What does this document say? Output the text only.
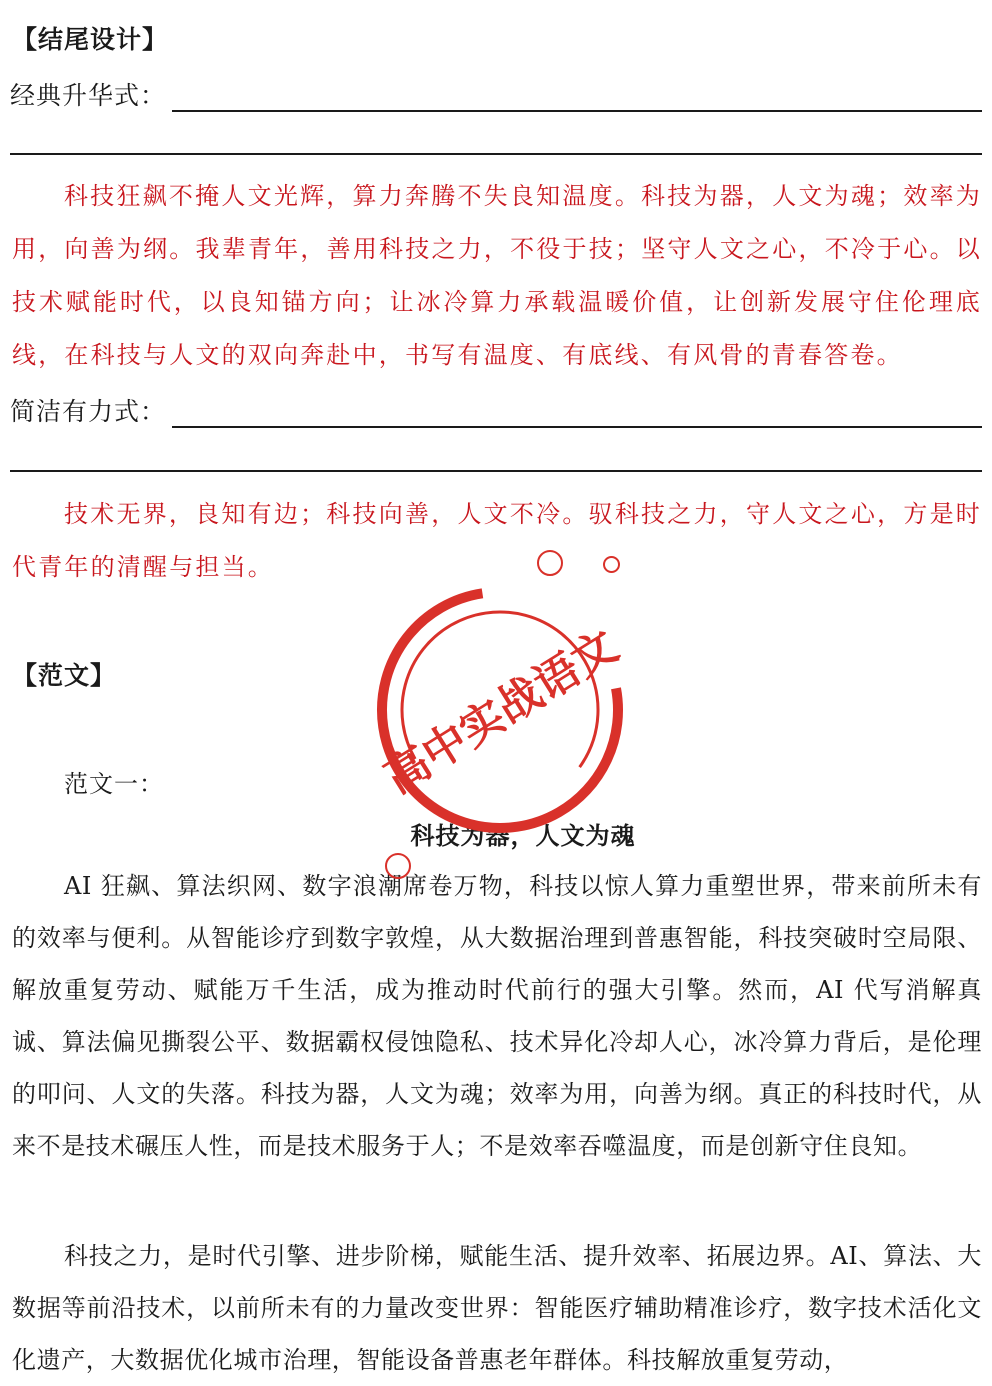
【结尾设计】
经典升华式：
科技狂飙不掩人文光辉，算力奔腾不失良知温度。科技为器，人文为魂；效率为用，向善为纲。我辈青年，善用科技之力，不役于技；坚守人文之心，不冷于心。以技术赋能时代，以良知锚方向；让冰冷算力承载温暖价值，让创新发展守住伦理底线，在科技与人文的双向奔赴中，书写有温度、有底线、有风骨的青春答卷。
简洁有力式：
技术无界，良知有边；科技向善，人文不冷。驭科技之力，守人文之心，方是时代青年的清醒与担当。
【范文】
范文一：
科技为器，人文为魂
AI 狂飙、算法织网、数字浪潮席卷万物，科技以惊人算力重塑世界，带来前所未有的效率与便利。从智能诊疗到数字敦煌，从大数据治理到普惠智能，科技突破时空局限、解放重复劳动、赋能万千生活，成为推动时代前行的强大引擎。然而，AI 代写消解真诚、算法偏见撕裂公平、数据霸权侵蚀隐私、技术异化冷却人心，冰冷算力背后，是伦理的叩问、人文的失落。科技为器，人文为魂；效率为用，向善为纲。真正的科技时代，从来不是技术碾压人性，而是技术服务于人；不是效率吞噬温度，而是创新守住良知。
科技之力，是时代引擎、进步阶梯，赋能生活、提升效率、拓展边界。AI、算法、大数据等前沿技术，以前所未有的力量改变世界：智能医疗辅助精准诊疗，数字技术活化文化遗产，大数据优化城市治理，智能设备普惠老年群体。科技解放重复劳动，
高中实战语文
